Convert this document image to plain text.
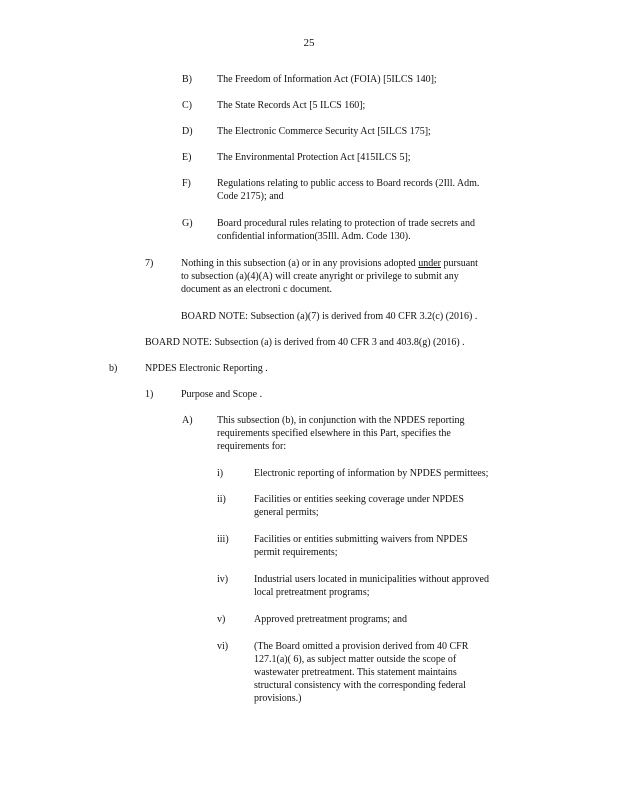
25
B)	The Freedom of Information Act (FOIA) [5ILCS 140];
C)	The State Records Act [5 ILCS 160];
D) The Electronic Commerce Security Act [5ILCS 175];
E)	The Environmental Protection Act [415ILCS 5];
F)	Regulations relating to public access to Board records (2Ill. Adm.
Code 2175); and
G) Board procedural rules relating to protection of trade secrets and
confidential information(35Ill. Adm. Code 130).
7)	Nothing in this subsection (a) or in any provisions adopted under pursuant
to subsection (a)(4)(A) will create anyright or privilege to submit any
document as an electroni c document.
BOARD NOTE: Subsection (a)(7) is derived from 40 CFR 3.2(c) (2016) .
BOARD NOTE: Subsection (a) is derived from 40 CFR 3 and 403.8(g) (2016) .
b)	NPDES Electronic Reporting .
1)	Purpose and Scope .
A) This subsection (b), in conjunction with the NPDES reporting
requirements specified elsewhere in this Part, specifies the
requirements for:
i)	Electronic reporting of information by NPDES permittees;
ii)	Facilities or entities seeking coverage under NPDES
general permits;
iii)	Facilities or entities submitting waivers from NPDES
permit requirements;
iv)	Industrial users located in municipalities without approved
local pretreatment programs;
v)	Approved pretreatment programs; and
vi)	(The Board omitted a provision derived from 40 CFR
127.1(a)( 6), as subject matter outside the scope of
wastewater pretreatment. This statement maintains
structural consistency with the corresponding federal
provisions.)
